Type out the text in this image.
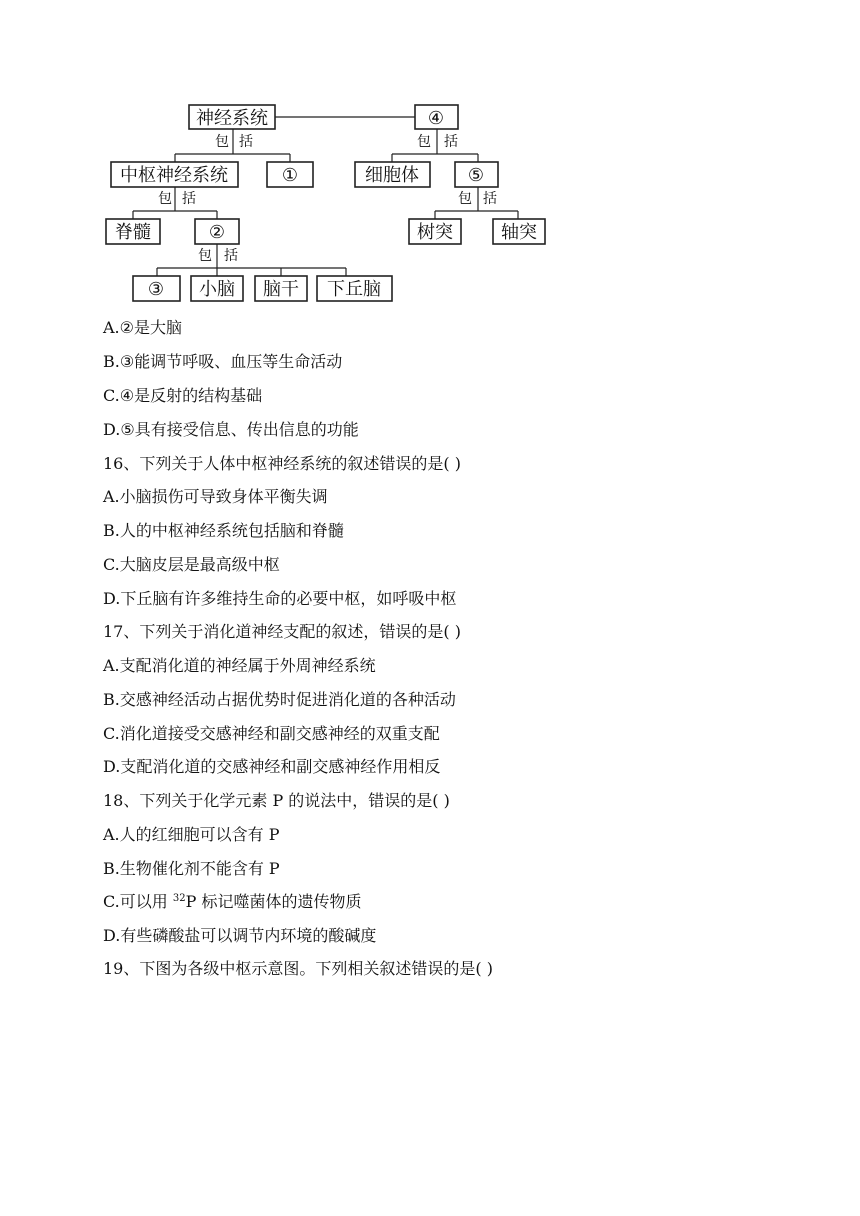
包 括	包 括
包 括	包 括
包 括
神经系统	④
中枢神经系统	①	细胞体	⑤
脊髓	②	树突	轴突
③ 小脑 脑干 下丘脑
A.②是大脑
B.③能调节呼吸、血压等生命活动
C.④是反射的结构基础
D.⑤具有接受信息、传出信息的功能
16、下列关于人体中枢神经系统的叙述错误的是( )
A.小脑损伤可导致身体平衡失调
B.人的中枢神经系统包括脑和脊髓
C.大脑皮层是最高级中枢
D.下丘脑有许多维持生命的必要中枢，如呼吸中枢
17、下列关于消化道神经支配的叙述，错误的是( )
A.支配消化道的神经属于外周神经系统
B.交感神经活动占据优势时促进消化道的各种活动
C.消化道接受交感神经和副交感神经的双重支配
D.支配消化道的交感神经和副交感神经作用相反
18、下列关于化学元素 P 的说法中，错误的是( )
A.人的红细胞可以含有 P
B.生物催化剂不能含有 P
C.可以用 $^{32}$P 标记噬菌体的遗传物质
D.有些磷酸盐可以调节内环境的酸碱度
19、下图为各级中枢示意图。下列相关叙述错误的是( )
